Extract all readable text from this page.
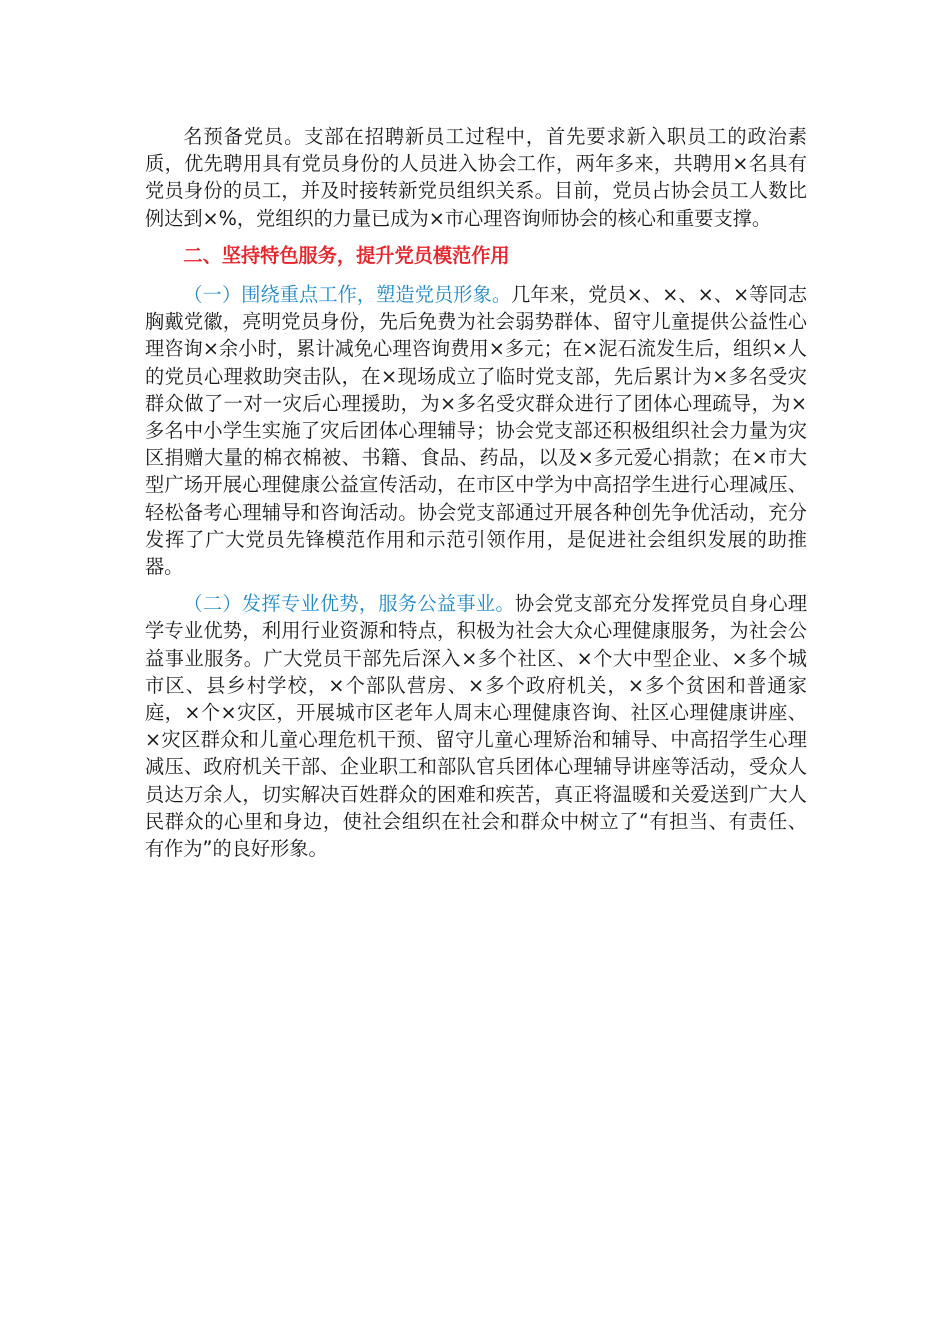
名预备党员。支部在招聘新员工过程中，首先要求新入职员工的政治素质，优先聘用具有党员身份的人员进入协会工作，两年多来，共聘用×名具有党员身份的员工，并及时接转新党员组织关系。目前，党员占协会员工人数比例达到×%，党组织的力量已成为×市心理咨询师协会的核心和重要支撑。

二、坚持特色服务，提升党员模范作用

（一）围绕重点工作，塑造党员形象。几年来，党员×、×、×、×等同志胸戴党徽，亮明党员身份，先后免费为社会弱势群体、留守儿童提供公益性心理咨询×余小时，累计减免心理咨询费用×多元；在×泥石流发生后，组织×人的党员心理救助突击队，在×现场成立了临时党支部，先后累计为×多名受灾群众做了一对一灾后心理援助，为×多名受灾群众进行了团体心理疏导，为×多名中小学生实施了灾后团体心理辅导；协会党支部还积极组织社会力量为灾区捐赠大量的棉衣棉被、书籍、食品、药品，以及×多元爱心捐款；在×市大型广场开展心理健康公益宣传活动，在市区中学为中高招学生进行心理减压、轻松备考心理辅导和咨询活动。协会党支部通过开展各种创先争优活动，充分发挥了广大党员先锋模范作用和示范引领作用，是促进社会组织发展的助推器。

（二）发挥专业优势，服务公益事业。协会党支部充分发挥党员自身心理学专业优势，利用行业资源和特点，积极为社会大众心理健康服务，为社会公益事业服务。广大党员干部先后深入×多个社区、×个大中型企业、×多个城市区、县乡村学校，×个部队营房、×多个政府机关，×多个贫困和普通家庭，×个×灾区，开展城市区老年人周末心理健康咨询、社区心理健康讲座、×灾区群众和儿童心理危机干预、留守儿童心理矫治和辅导、中高招学生心理减压、政府机关干部、企业职工和部队官兵团体心理辅导讲座等活动，受众人员达万余人，切实解决百姓群众的困难和疾苦，真正将温暖和关爱送到广大人民群众的心里和身边，使社会组织在社会和群众中树立了“有担当、有责任、有作为”的良好形象。
